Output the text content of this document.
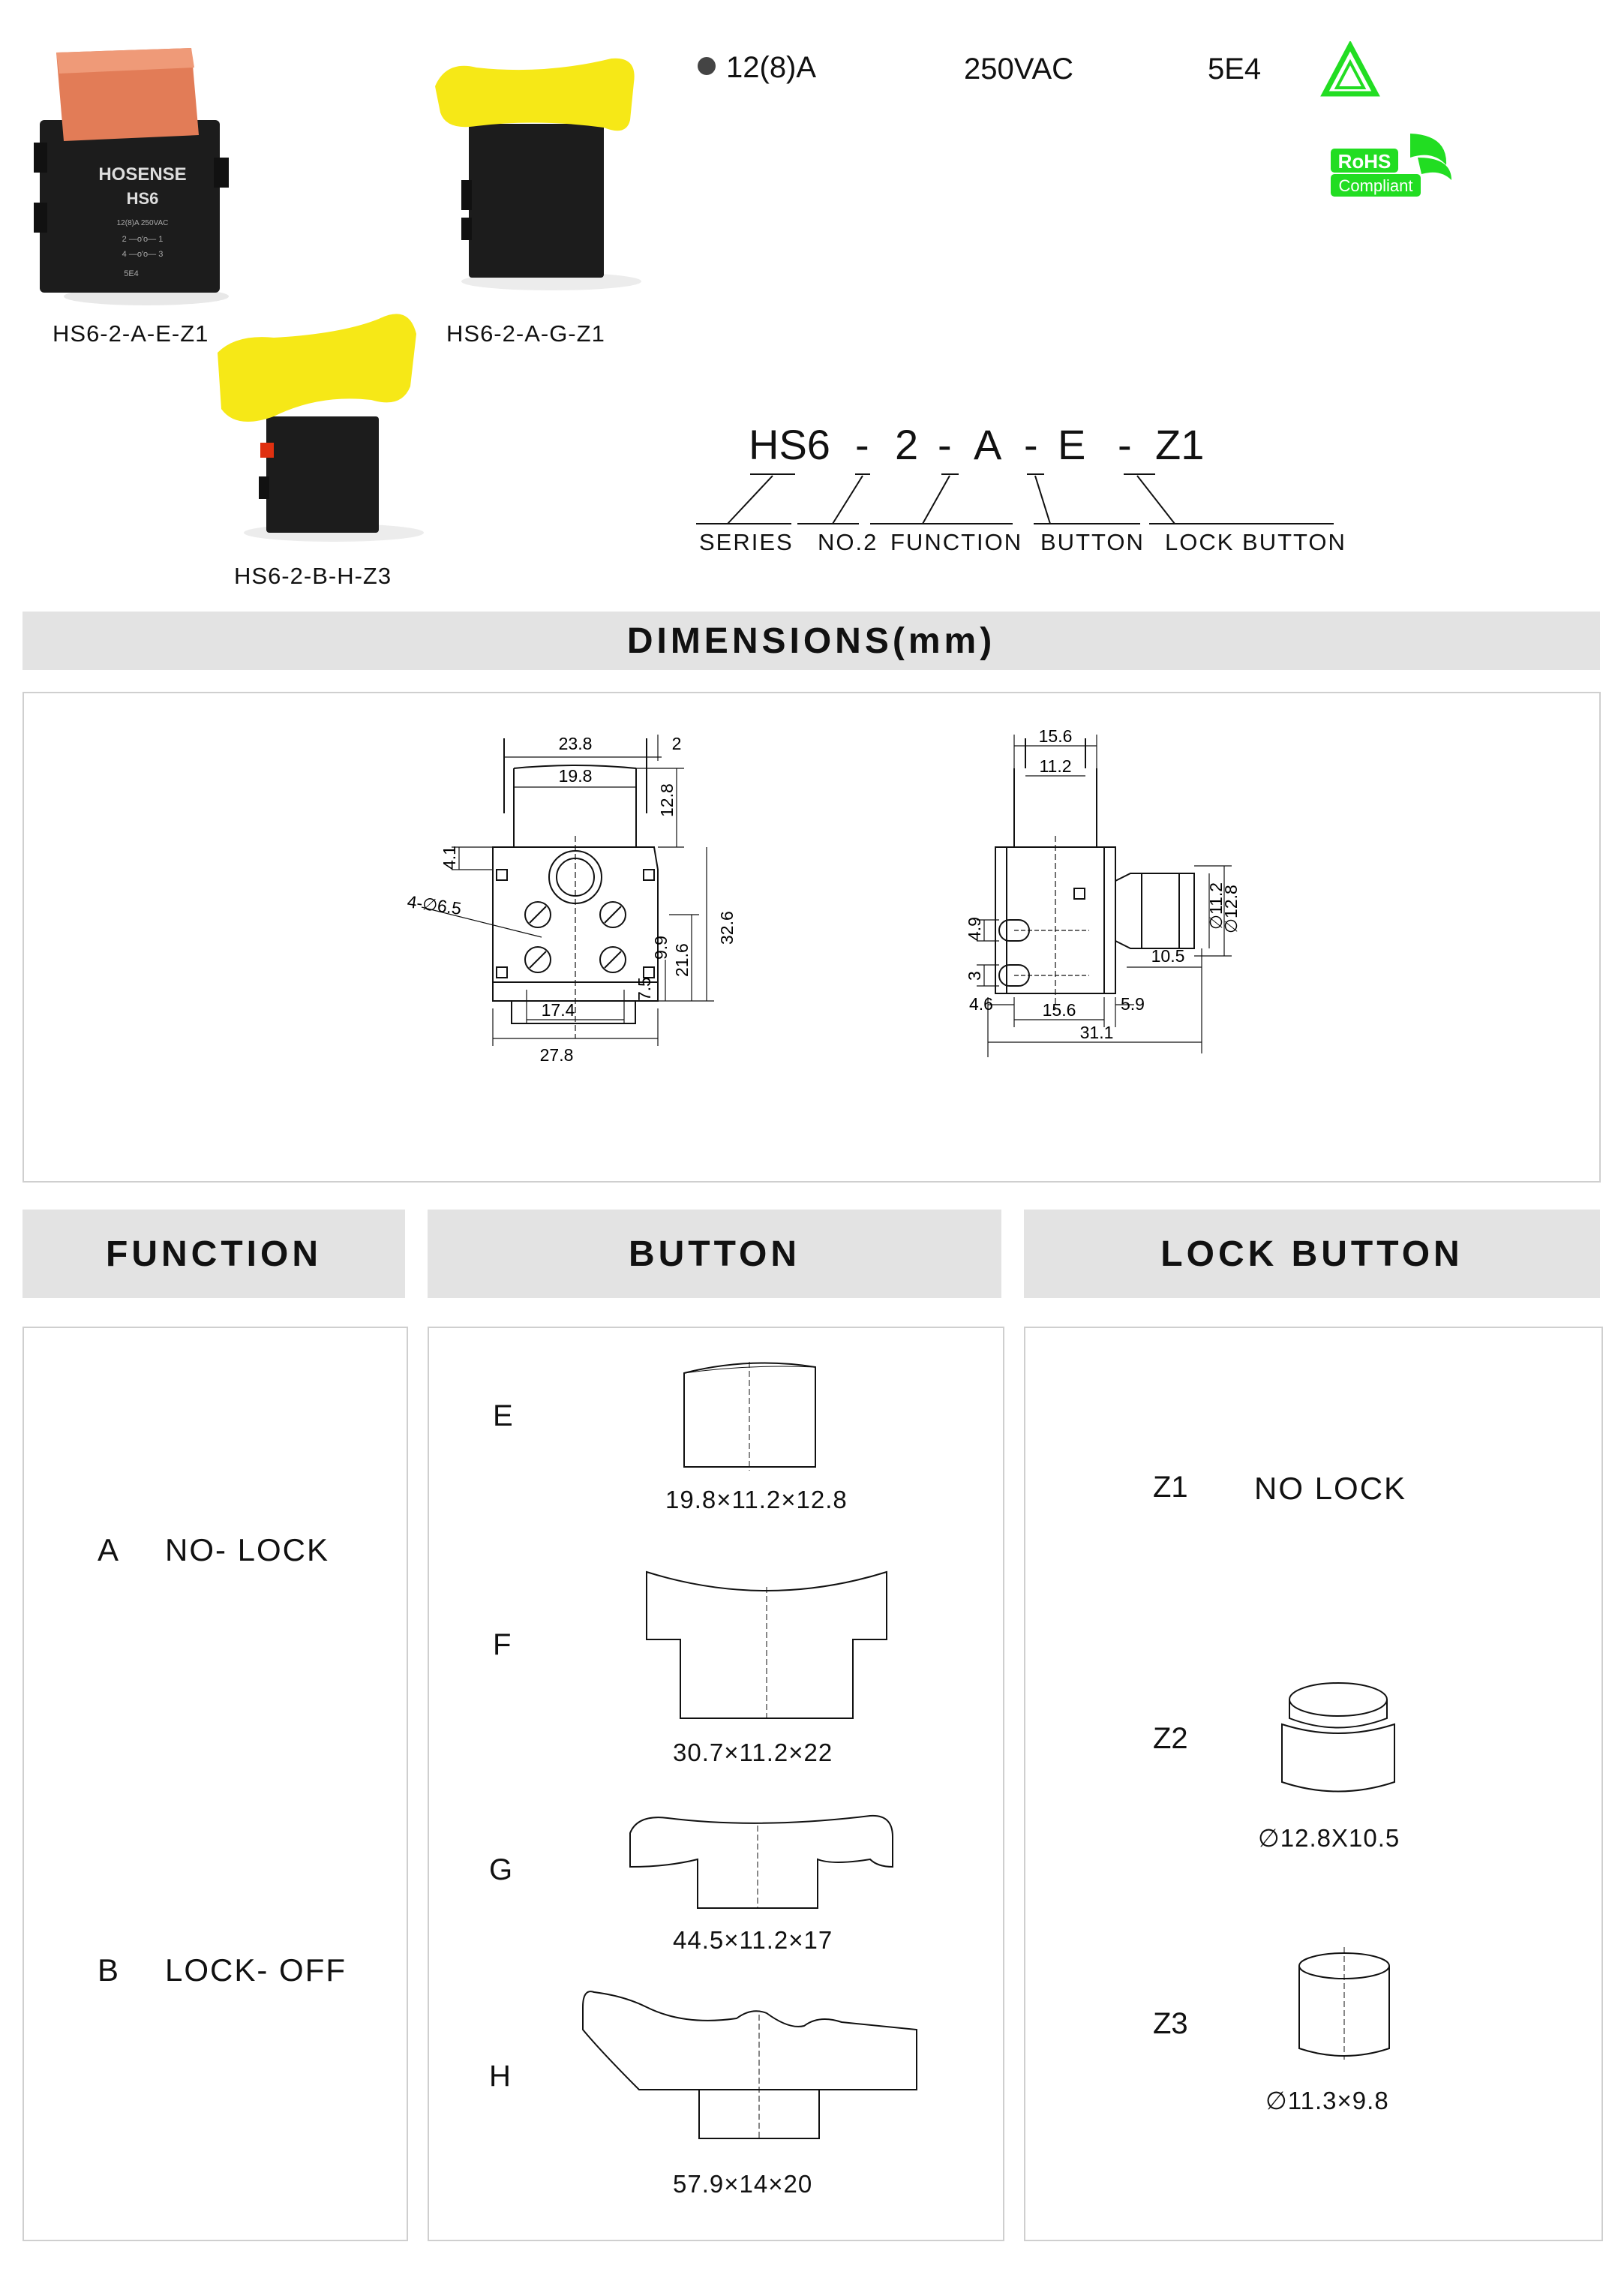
HOSENSE
HS6
12(8)A 250VAC
2 —o'o— 1
4 —o'o— 3
5E4
HS6-2-A-E-Z1	HS6-2-A-G-Z1
HS6-2-B-H-Z3
12(8)A	250VAC	5E4
RoHS
Compliant
HS6 - 2 - A - E - Z1
SERIES NO.2 FUNCTION BUTTON LOCK BUTTON
DIMENSIONS(mm)
23.8	2
19.8
12.8
4.1
4-∅6.5
9.9 21.6
32.6
7.5
17.4
27.8
15.6
11.2
∅11.2
∅12.8
4.9
3
10.5
4.6	15.6	5.9
31.1
FUNCTION	BUTTON	LOCK BUTTON
A NO- LOCK
B LOCK- OFF
E
19.8×11.2×12.8
F
30.7×11.2×22
G
44.5×11.2×17
H
57.9×14×20
Z1 NO LOCK
Z2
∅12.8X10.5
Z3
∅11.3×9.8
